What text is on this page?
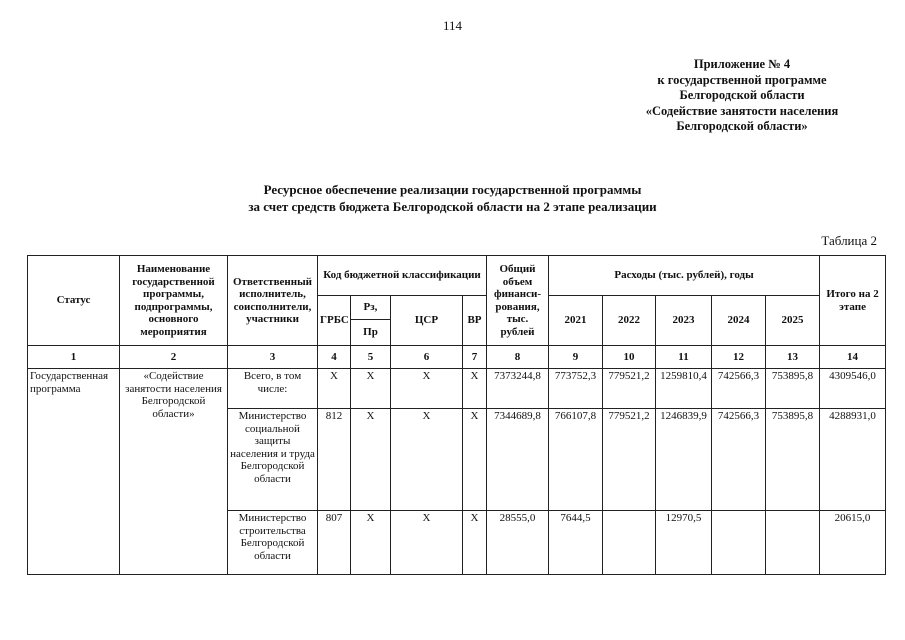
114
Приложение № 4
к государственной программе
Белгородской области
«Содействие занятости населения
Белгородской области»
Ресурсное обеспечение реализации государственной программы
за счет средств бюджета Белгородской области на 2 этапе реализации
Таблица 2
Статус	Наименование государственной программы, подпрограммы, основного мероприятия	Ответственный исполнитель, соисполнители, участники	Код бюджетной классификации				Общий объем финанси-рования, тыс. рублей	Расходы (тыс. рублей), годы					Итого на 2 этапе
			ГРБС	Рз,	ЦСР	ВР		2021	2022	2023	2024	2025	
				Пр									
1	2	3	4	5	6	7	8	9	10	11	12	13	14
Государственная программа	«Содействие занятости населения Белгородской области»	Всего, в том числе:	Х	Х	Х	Х	7373244,8	773752,3	779521,2	1259810,4	742566,3	753895,8	4309546,0
		Министерство социальной защиты населения и труда Белгородской области	812	Х	Х	Х	7344689,8	766107,8	779521,2	1246839,9	742566,3	753895,8	4288931,0
		Министерство строительства Белгородской области	807	Х	Х	Х	28555,0	7644,5		12970,5			20615,0
